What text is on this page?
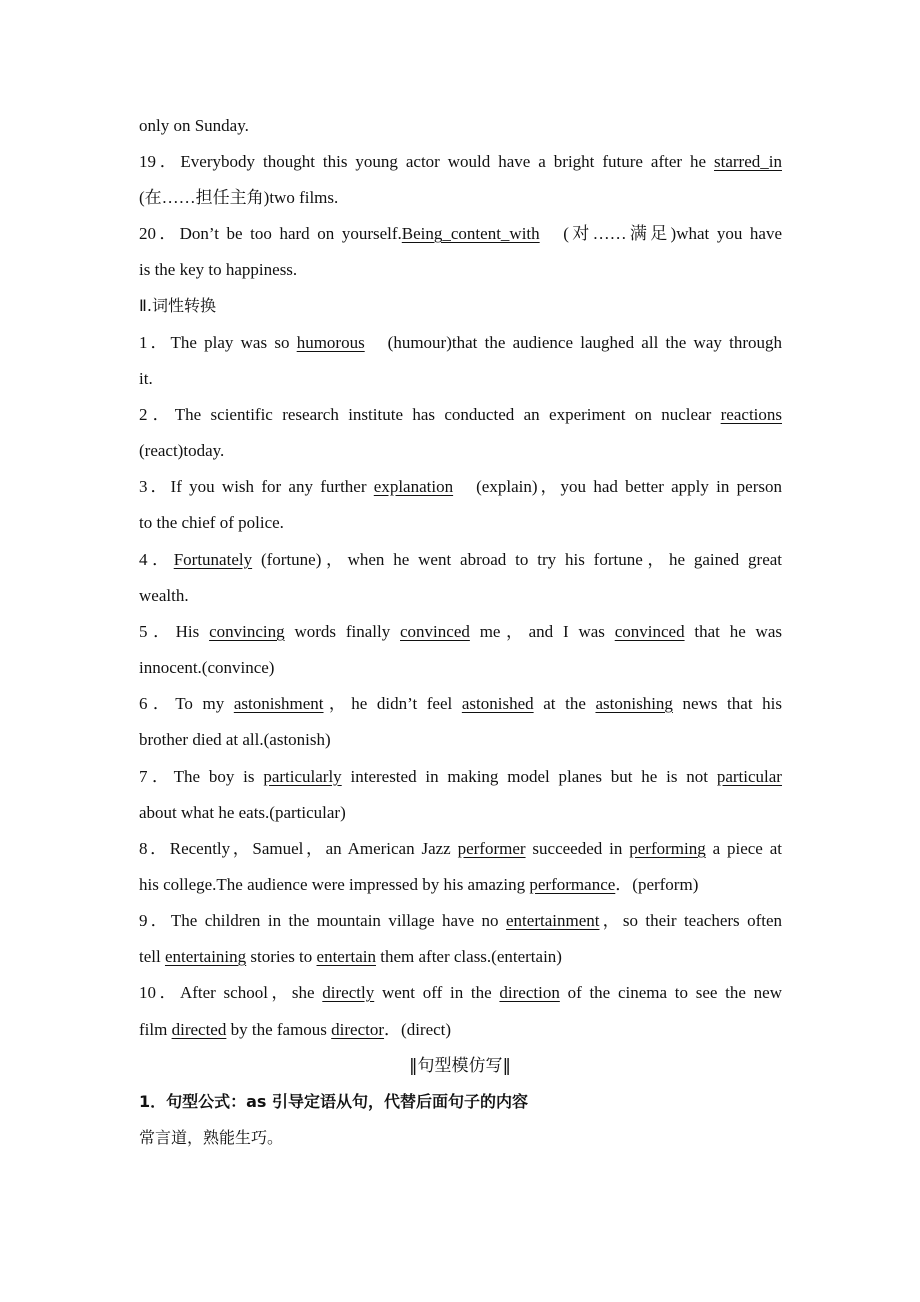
only on Sunday.
19．Everybody thought this young actor would have a bright future after he starred_in
(在……担任主角)two films.
20．Don’t be too hard on yourself.Being_content_with　(对……满足)what you have
is the key to happiness.
Ⅱ.词性转换
1．The play was so humorous　(humour)that the audience laughed all the way through
it.
2．The scientific research institute has conducted an experiment on nuclear reactions
(react)today.
3．If you wish for any further explanation　(explain)，you had better apply in person
to the chief of police.
4．Fortunately (fortune)，when he went abroad to try his fortune，he gained great
wealth.
5．His convincing words finally convinced me，and I was convinced that he was
innocent.(convince)
6．To my astonishment，he didn’t feel astonished at the astonishing news that his
brother died at all.(astonish)
7．The boy is particularly interested in making model planes but he is not particular
about what he eats.(particular)
8．Recently，Samuel，an American Jazz performer succeeded in performing a piece at
his college.The audience were impressed by his amazing performance．(perform)
9．The children in the mountain village have no entertainment，so their teachers often
tell entertaining stories to entertain them after class.(entertain)
10．After school，she directly went off in the direction of the cinema to see the new
film directed by the famous director．(direct)
‖句型模仿写‖
1．句型公式：as 引导定语从句，代替后面句子的内容
常言道，熟能生巧。
